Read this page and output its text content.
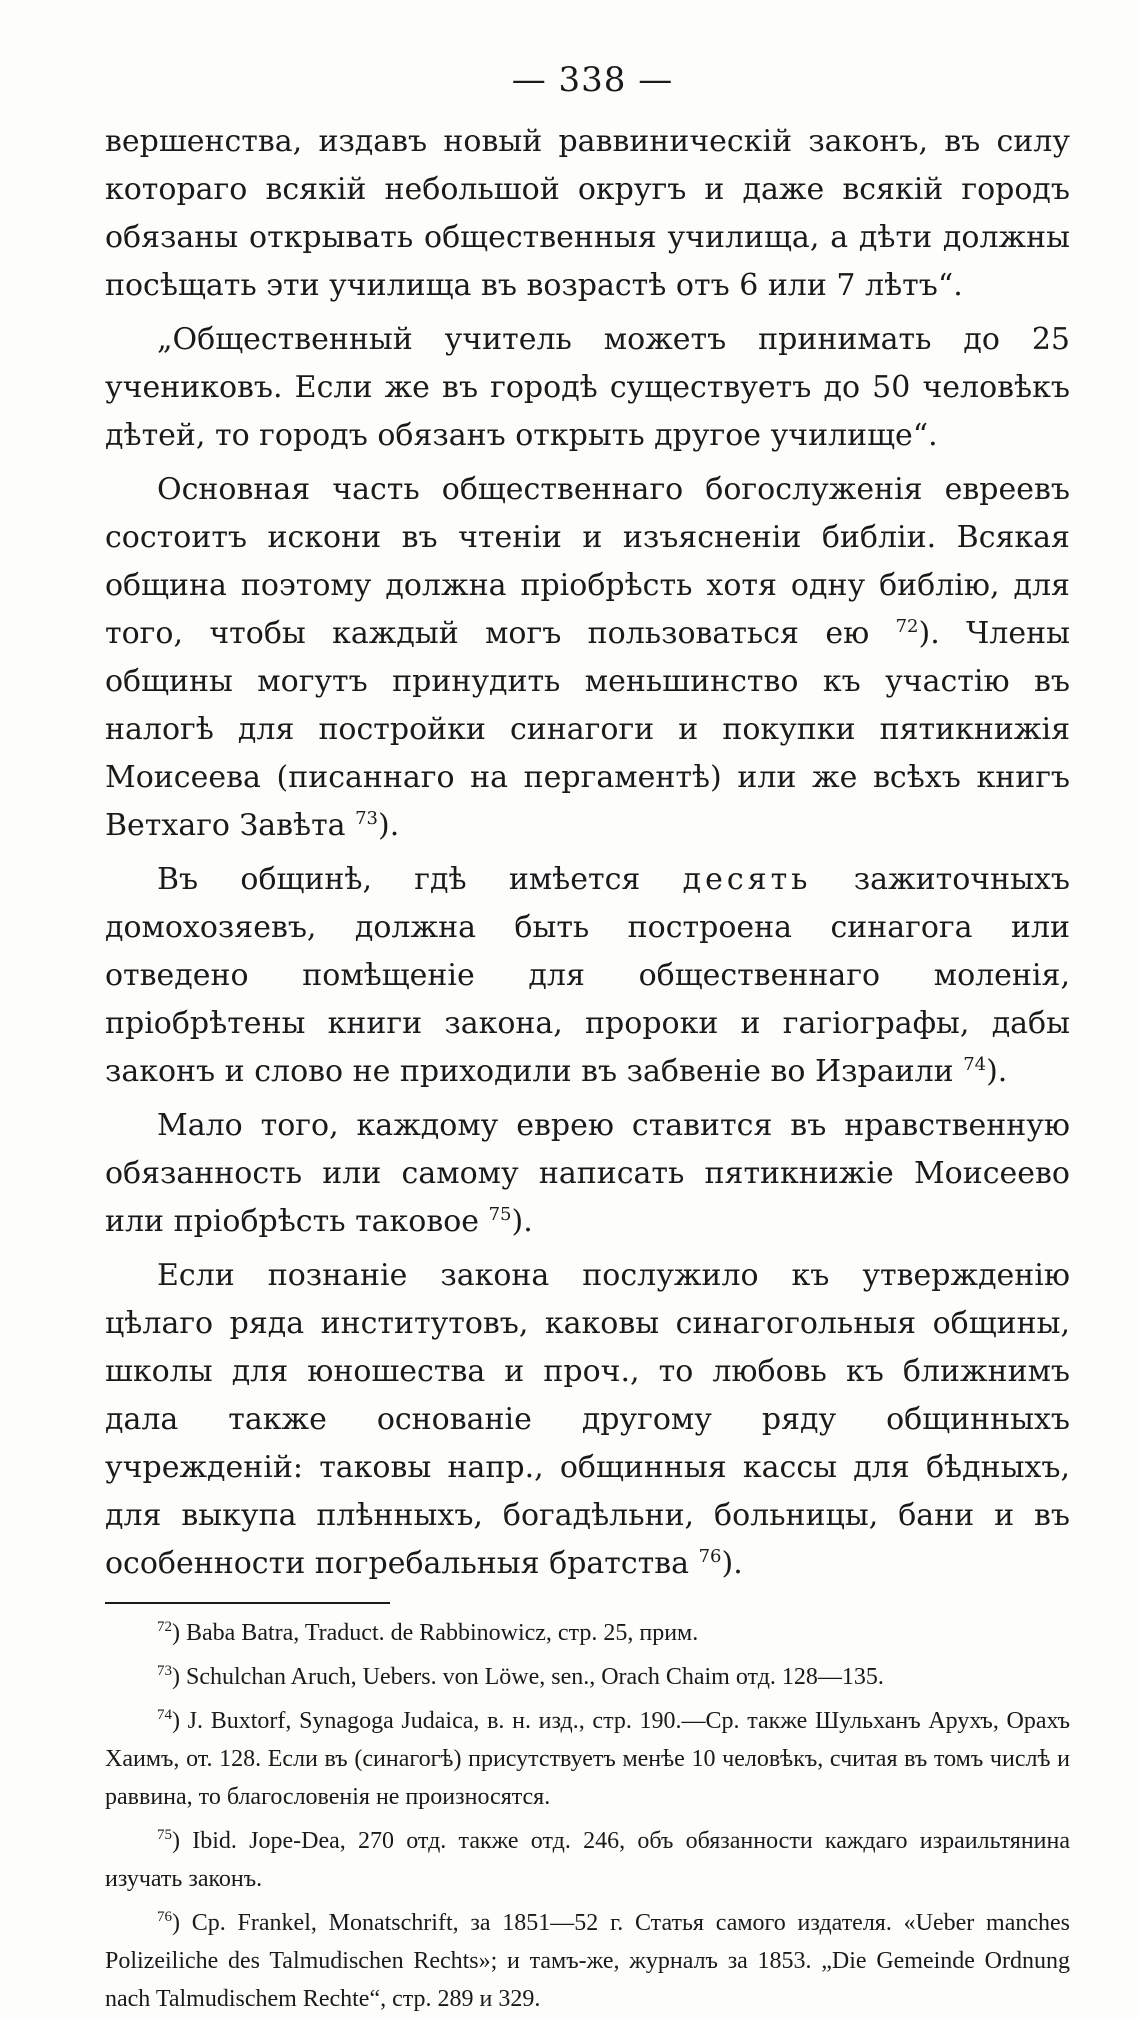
— 338 —

вершенства, издавъ новый раввиническій законъ, въ силу котораго всякій небольшой округъ и даже всякій городъ обязаны открывать общественныя училища, а дѣти должны посѣщать эти училища въ возрастѣ отъ 6 или 7 лѣтъ“.

„Общественный учитель можетъ принимать до 25 учениковъ. Если же въ городѣ существуетъ до 50 человѣкъ дѣтей, то городъ обязанъ открыть другое училище“.

Основная часть общественнаго богослуженія евреевъ состоитъ искони въ чтеніи и изъясненіи библіи. Всякая община поэтому должна пріобрѣсть хотя одну библію, для того, чтобы каждый могъ пользоваться ею $^{72}$). Члены общины могутъ принудить меньшинство къ участію въ налогѣ для постройки синагоги и покупки пятикнижія Моисеева (писаннаго на пергаментѣ) или же всѣхъ книгъ Ветхаго Завѣта $^{73}$).

Въ общинѣ, гдѣ имѣется десять зажиточныхъ домохозяевъ, должна быть построена синагога или отведено помѣщеніе для общественнаго моленія, пріобрѣтены книги закона, пророки и гагіографы, дабы законъ и слово не приходили въ забвеніе во Израили $^{74}$).

Мало того, каждому еврею ставится въ нравственную обязанность или самому написать пятикнижіе Моисеево или пріобрѣсть таковое $^{75}$).

Если познаніе закона послужило къ утвержденію цѣлаго ряда институтовъ, каковы синагогольныя общины, школы для юношества и проч., то любовь къ ближнимъ дала также основаніе другому ряду общинныхъ учрежденій: таковы напр., общинныя кассы для бѣдныхъ, для выкупа плѣнныхъ, богадѣльни, больницы, бани и въ особенности погребальныя братства $^{76}$).

$^{72}$) Baba Batra, Traduct. de Rabbinowicz, стр. 25, прим.

$^{73}$) Schulchan Aruch, Uebers. von Löwe, sen., Orach Chaim отд. 128—135.

$^{74}$) J. Buxtorf, Synagoga Judaica, в. н. изд., стр. 190.—Ср. также Шульханъ Арухъ, Орахъ Хаимъ, от. 128. Если въ (синагогѣ) присутствуетъ менѣе 10 человѣкъ, считая въ томъ числѣ и раввина, то благословенія не произносятся.

$^{75}$) Ibid. Jope-Dea, 270 отд. также отд. 246, объ обязанности каждаго израильтянина изучать законъ.

$^{76}$) Ср. Frankel, Monatschrift, за 1851—52 г. Статья самого издателя. «Ueber manches Polizeiliche des Talmudischen Rechts»; и тамъ-же, журналъ за 1853. „Die Gemeinde Ordnung nach Talmudischem Rechte“, стр. 289 и 329.
